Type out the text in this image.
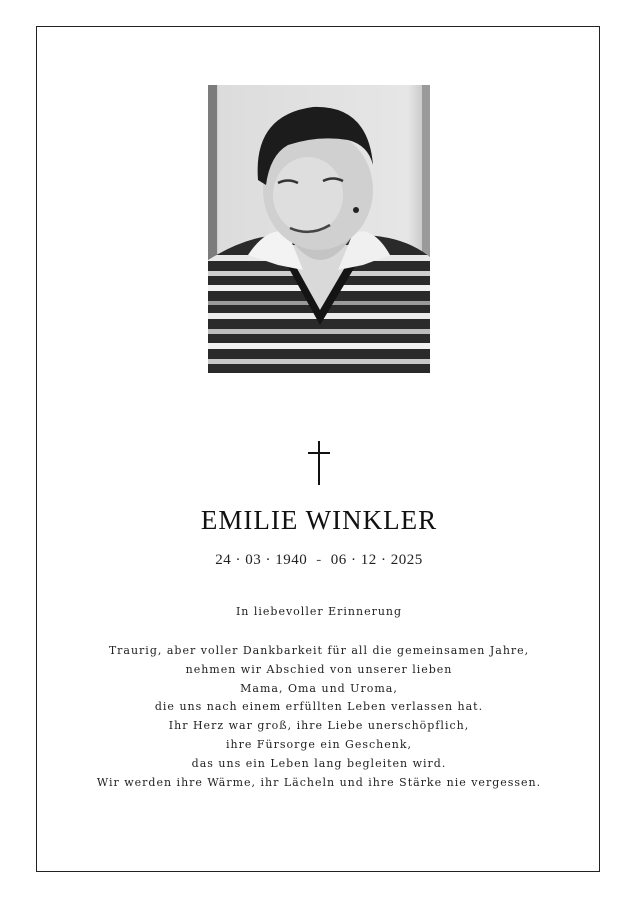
EMILIE WINKLER
24 · 03 · 1940 - 06 · 12 · 2025
In liebevoller Erinnerung
Traurig, aber voller Dankbarkeit für all die gemeinsamen Jahre,
nehmen wir Abschied von unserer lieben
Mama, Oma und Uroma,
die uns nach einem erfüllten Leben verlassen hat.
Ihr Herz war groß, ihre Liebe unerschöpflich,
ihre Fürsorge ein Geschenk,
das uns ein Leben lang begleiten wird.
Wir werden ihre Wärme, ihr Lächeln und ihre Stärke nie vergessen.
